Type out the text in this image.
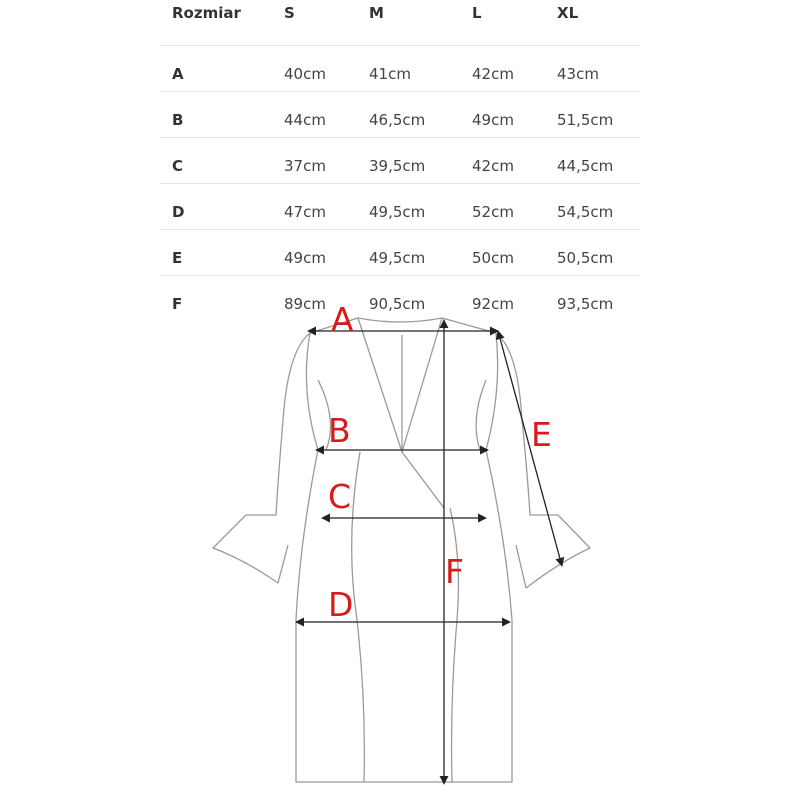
Rozmiar	S	M	L	XL
A	40cm	41cm	42cm	43cm
B	44cm	46,5cm	49cm	51,5cm
C	37cm	39,5cm	42cm	44,5cm
D	47cm	49,5cm	52cm	54,5cm
E	49cm	49,5cm	50cm	50,5cm
F	89cm	90,5cm	92cm	93,5cm
A
B
C
D
E
F
